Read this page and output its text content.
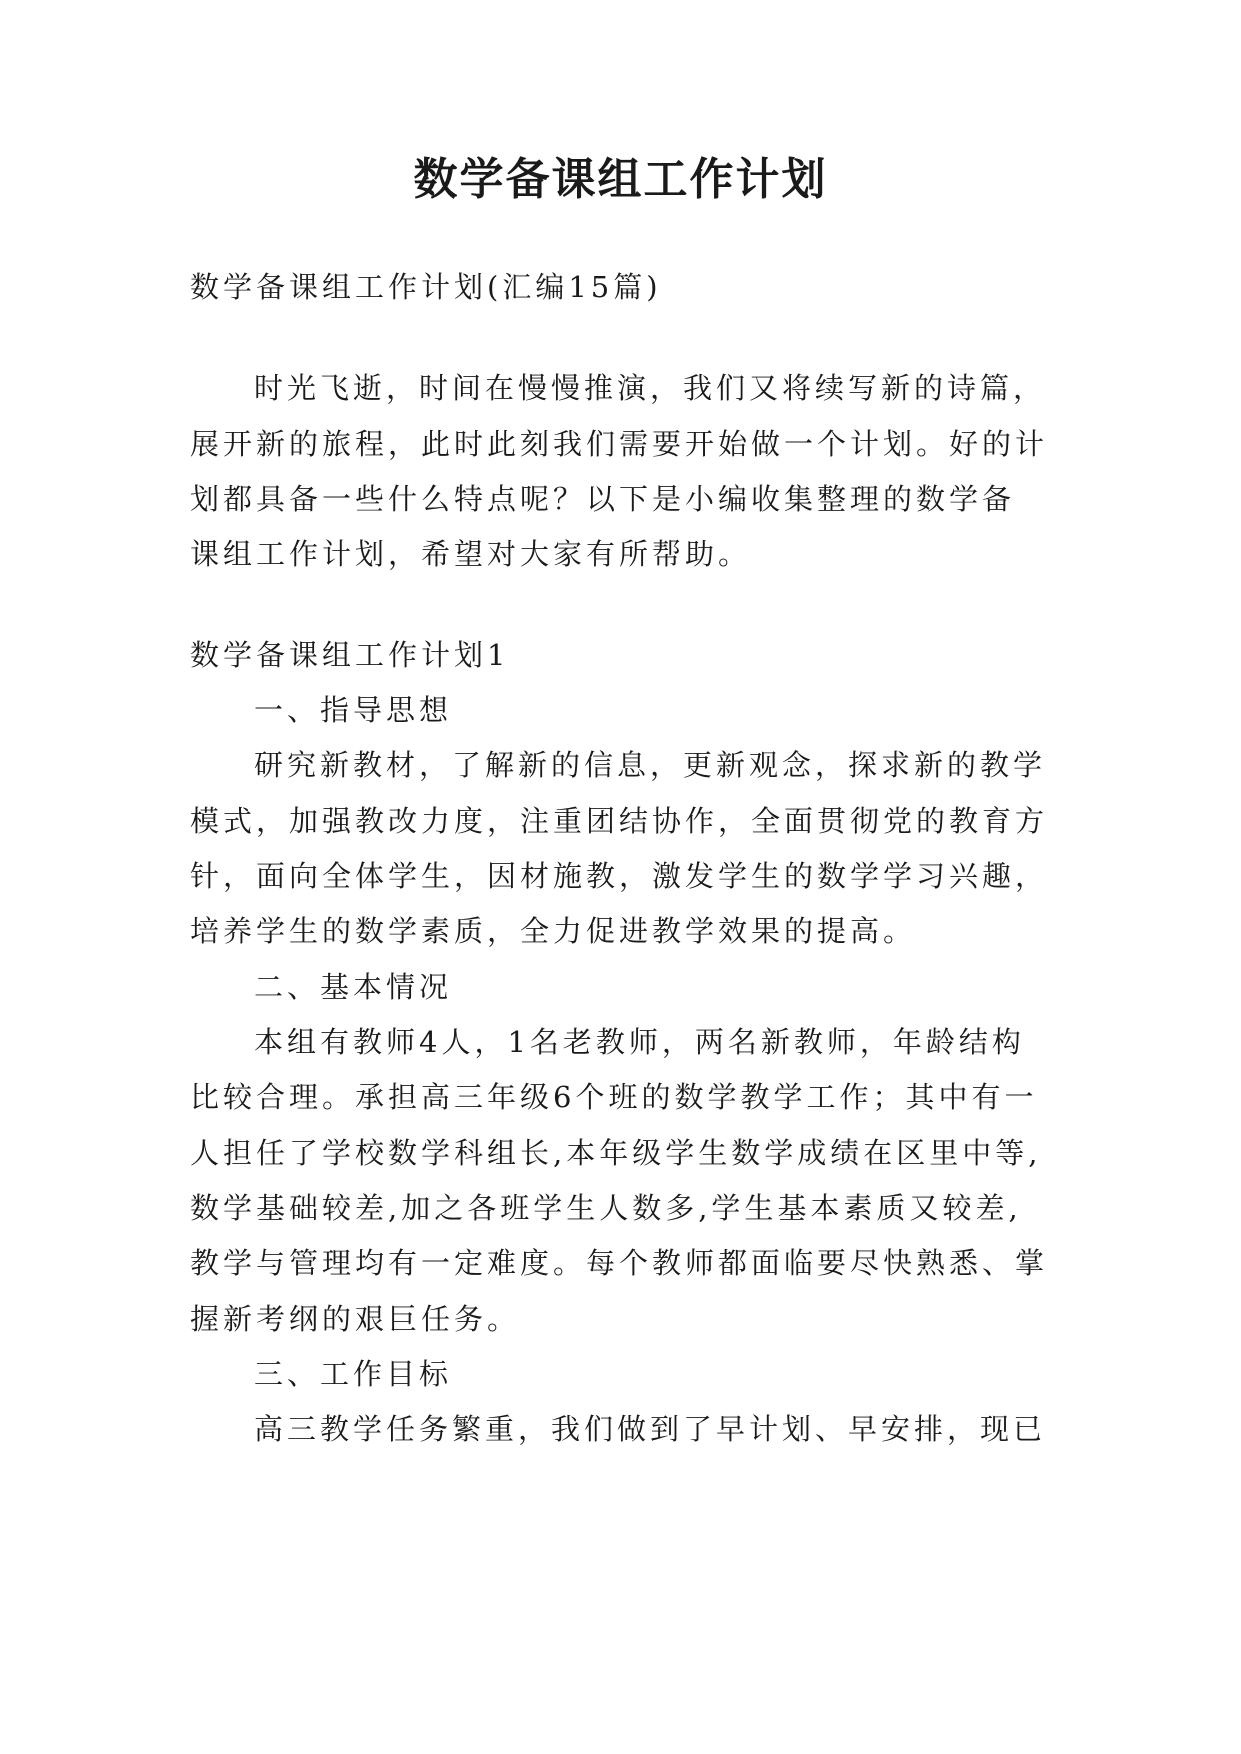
数学备课组工作计划
数学备课组工作计划(汇编15篇)
时光飞逝，时间在慢慢推演，我们又将续写新的诗篇，
展开新的旅程，此时此刻我们需要开始做一个计划。好的计
划都具备一些什么特点呢？以下是小编收集整理的数学备
课组工作计划，希望对大家有所帮助。
数学备课组工作计划1
一、指导思想
研究新教材，了解新的信息，更新观念，探求新的教学
模式，加强教改力度，注重团结协作，全面贯彻党的教育方
针，面向全体学生，因材施教，激发学生的数学学习兴趣，
培养学生的数学素质，全力促进教学效果的提高。
二、基本情况
本组有教师4人，1名老教师，两名新教师，年龄结构
比较合理。承担高三年级6个班的数学教学工作；其中有一
人担任了学校数学科组长,本年级学生数学成绩在区里中等,
数学基础较差,加之各班学生人数多,学生基本素质又较差,
教学与管理均有一定难度。每个教师都面临要尽快熟悉、掌
握新考纲的艰巨任务。
三、工作目标
高三教学任务繁重，我们做到了早计划、早安排，现已
